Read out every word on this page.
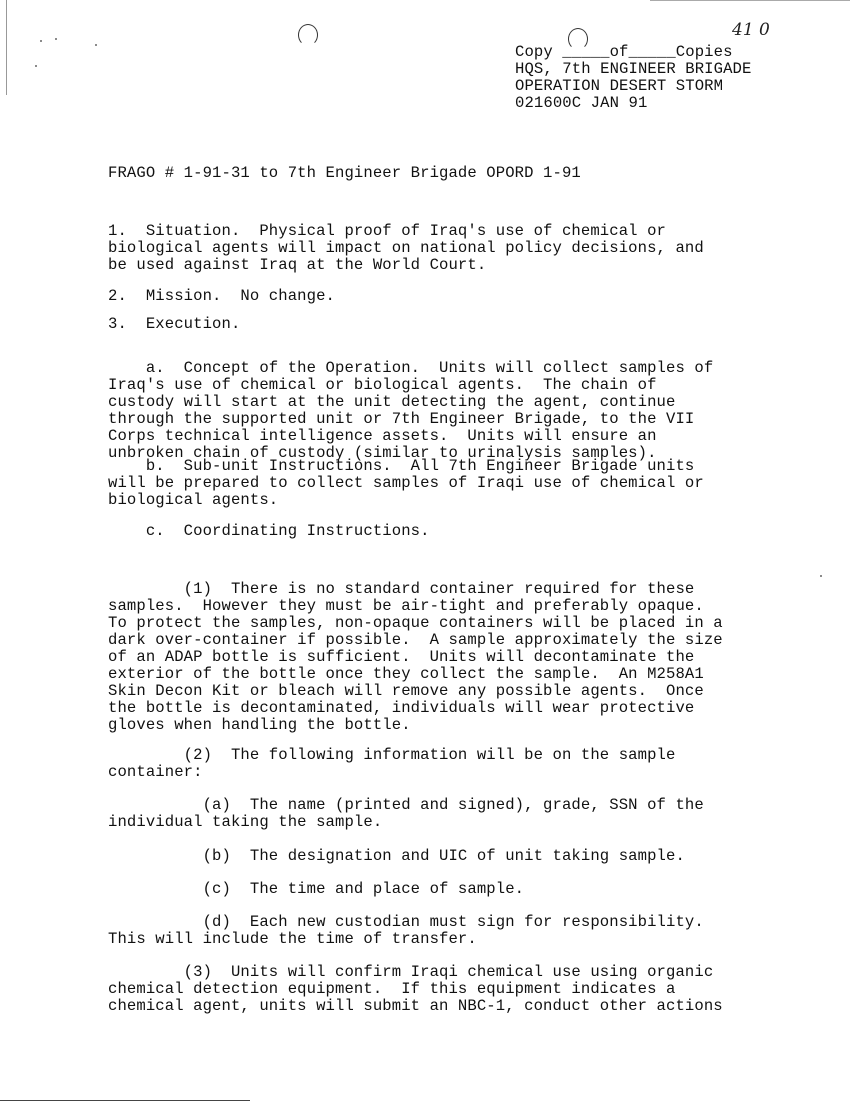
41 0
Copy _____of_____Copies
HQS, 7th ENGINEER BRIGADE
OPERATION DESERT STORM
021600C JAN 91
FRAGO # 1-91-31 to 7th Engineer Brigade OPORD 1-91
1.  Situation.  Physical proof of Iraq's use of chemical or
biological agents will impact on national policy decisions, and
be used against Iraq at the World Court.
2.  Mission.  No change.
3.  Execution.
a.  Concept of the Operation.  Units will collect samples of
Iraq's use of chemical or biological agents.  The chain of
custody will start at the unit detecting the agent, continue
through the supported unit or 7th Engineer Brigade, to the VII
Corps technical intelligence assets.  Units will ensure an
unbroken chain of custody (similar to urinalysis samples).
b.  Sub-unit Instructions.  All 7th Engineer Brigade units
will be prepared to collect samples of Iraqi use of chemical or
biological agents.
c.  Coordinating Instructions.
(1)  There is no standard container required for these
samples.  However they must be air-tight and preferably opaque.
To protect the samples, non-opaque containers will be placed in a
dark over-container if possible.  A sample approximately the size
of an ADAP bottle is sufficient.  Units will decontaminate the
exterior of the bottle once they collect the sample.  An M258A1
Skin Decon Kit or bleach will remove any possible agents.  Once
the bottle is decontaminated, individuals will wear protective
gloves when handling the bottle.
(2)  The following information will be on the sample
container:
(a)  The name (printed and signed), grade, SSN of the
individual taking the sample.
(b)  The designation and UIC of unit taking sample.
(c)  The time and place of sample.
(d)  Each new custodian must sign for responsibility.
This will include the time of transfer.
(3)  Units will confirm Iraqi chemical use using organic
chemical detection equipment.  If this equipment indicates a
chemical agent, units will submit an NBC-1, conduct other actions
